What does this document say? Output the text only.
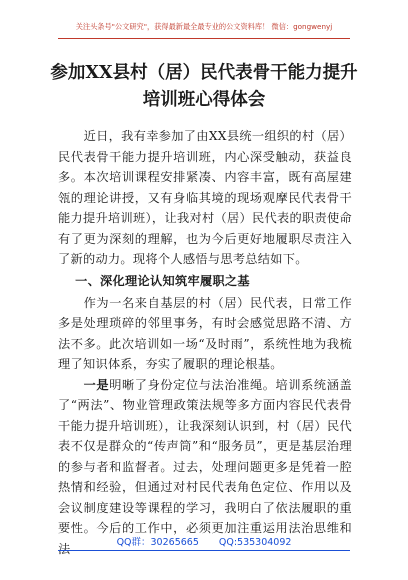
关注头条号"公文研究"，获得最新最全最专业的公文资料库！ 微信：gongwenyj
参加XX县村（居）民代表骨干能力提升
培训班心得体会

近日，我有幸参加了由XX县统一组织的村（居）民代表骨干能力提升培训班，内心深受触动，获益良多。本次培训课程安排紧凑、内容丰富，既有高屋建瓴的理论讲授，又有身临其境的现场观摩民代表骨干能力提升培训班），让我对村（居）民代表的职责使命有了更为深刻的理解，也为今后更好地履职尽责注入了新的动力。现将个人感悟与思考总结如下。

一、深化理论认知筑牢履职之基

作为一名来自基层的村（居）民代表，日常工作多是处理琐碎的邻里事务，有时会感觉思路不清、方法不多。此次培训如一场“及时雨”，系统性地为我梳理了知识体系，夯实了履职的理论根基。

一是明晰了身份定位与法治准绳。培训系统涵盖了“两法”、物业管理政策法规等多方面内容民代表骨干能力提升培训班），让我深刻认识到，村（居）民代表不仅是群众的“传声筒”和“服务员”，更是基层治理的参与者和监督者。过去，处理问题更多是凭着一腔热情和经验，但通过对村民代表角色定位、作用以及会议制度建设等课程的学习，我明白了依法履职的重要性。今后的工作中，必须更加注重运用法治思维和法	QQ群：30265665 QQ:535304092
